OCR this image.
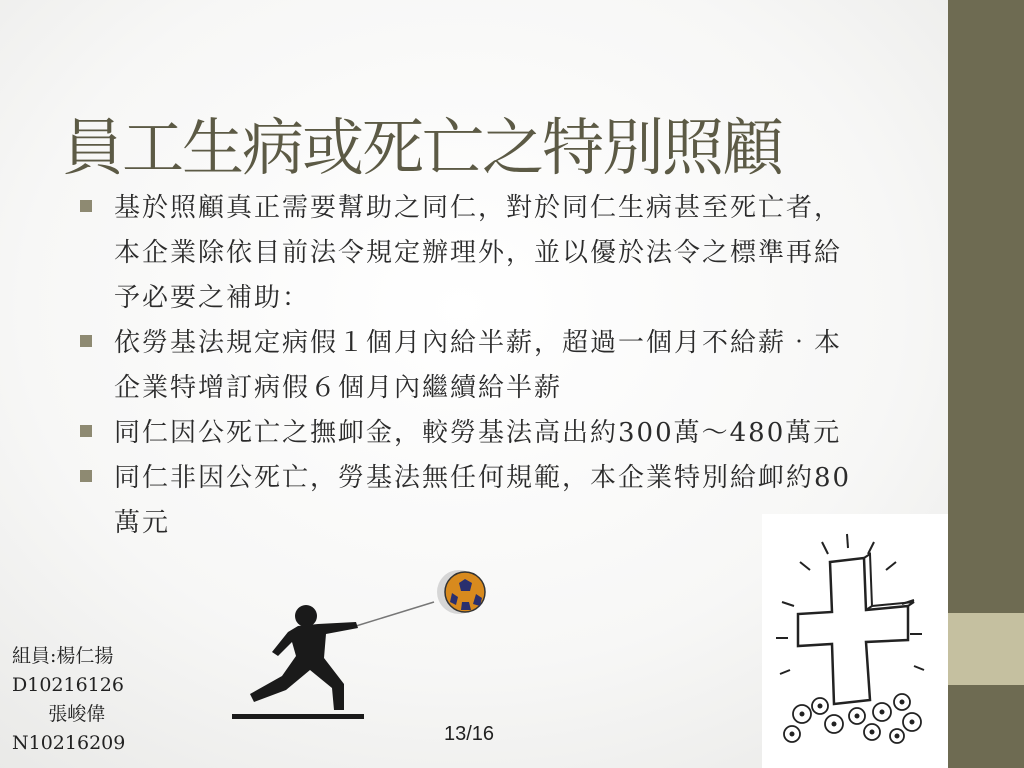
員工生病或死亡之特別照顧
基於照顧真正需要幫助之同仁，對於同仁生病甚至死亡者，本企業除依目前法令規定辦理外，並以優於法令之標準再給予必要之補助：
依勞基法規定病假１個月內給半薪，超過一個月不給薪‧本企業特增訂病假６個月內繼續給半薪
同仁因公死亡之撫卹金，較勞基法高出約300萬～480萬元
同仁非因公死亡，勞基法無任何規範，本企業特別給卹約80萬元
組員:楊仁揚
D10216126
張峻偉
N10216209	13/16
